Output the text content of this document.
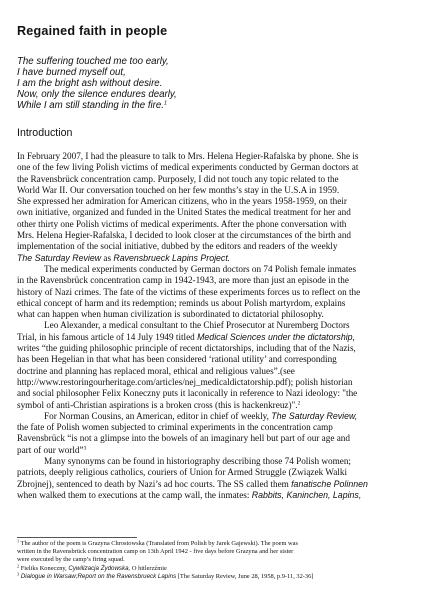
Regained faith in people
The suffering touched me too early,
I have burned myself out,
I am the bright ash without desire.
Now, only the silence endures dearly,
While I am still standing in the fire.$^1$
Introduction
In February 2007, I had the pleasure to talk to Mrs. Helena Hegier-Rafalska by phone. She is
one of the few living Polish victims of medical experiments conducted by German doctors at
the Ravensbrück concentration camp. Purposely, I did not touch any topic related to the
World War II. Our conversation touched on her few months’s stay in the U.S.A in 1959.
She expressed her admiration for American citizens, who in the years 1958-1959, on their
own initiative, organized and funded in the United States the medical treatment for her and
other thirty one Polish victims of medical experiments. After the phone conversation with
Mrs. Helena Hegier-Rafalska, I decided to look closer at the circumstances of the birth and
implementation of the social initiative, dubbed by the editors and readers of the weekly
The Saturday Review as Ravensbrueck Lapins Project.
The medical experiments conducted by German doctors on 74 Polish female inmates
in the Ravensbrück concentration camp in 1942-1943, are more than just an episode in the
history of Nazi crimes. The fate of the victims of these experiments forces us to reflect on the
ethical concept of harm and its redemption; reminds us about Polish martyrdom, explains
what can happen when human civilization is subordinated to dictatorial philosophy.
Leo Alexander, a medical consultant to the Chief Prosecutor at Nuremberg Doctors
Trial, in his famous article of 14 July 1949 titled Medical Sciences under the dictatorship,
writes “the guiding philosophic principle of recent dictatorships, including that of the Nazis,
has been Hegelian in that what has been considered ‘rational utility’ and corresponding
doctrine and planning has replaced moral, ethical and religious values”.(see
http://www.restoringourheritage.com/articles/nej_medicaldictatorship.pdf); polish historian
and social philosopher Felix Koneczny puts it laconically in reference to Nazi ideology: "the
symbol of anti-Christian aspirations is a broken cross (this is hackenkreuz)".$^2$
For Norman Cousins, an American, editor in chief of weekly, The Saturday Review,
the fate of Polish women subjected to criminal experiments in the concentration camp
Ravensbrück “is not a glimpse into the bowels of an imaginary hell but part of our age and
part of our world”$^3$
Many synonyms can be found in historiography describing those 74 Polish women;
patriots, deeply religious catholics, couriers of Union for Armed Struggle (Związek Walki
Zbrojnej), sentenced to death by Nazi’s ad hoc courts. The SS called them fanatische Polinnen
when walked them to executions at the camp wall, the inmates: Rabbits, Kaninchen, Lapins,
$^1$ The author of the poem is Grazyna Chrostowska (Translated from Polish by Jarek Gajewski). The poem was
written in the Ravensbrück concentration camp on 13th April 1942 - five days before Grazyna and her sister
were executed by the camp’s firing squad.
$^2$ Fieliks Koneczny, Cywilizacja Żydowska, O hitlerzźmie
$^3$ Dialogue in Warsaw;Report on the Ravensbrueck Lapins [The Saturday Review, June 28, 1958, p.9-11, 32-36]
